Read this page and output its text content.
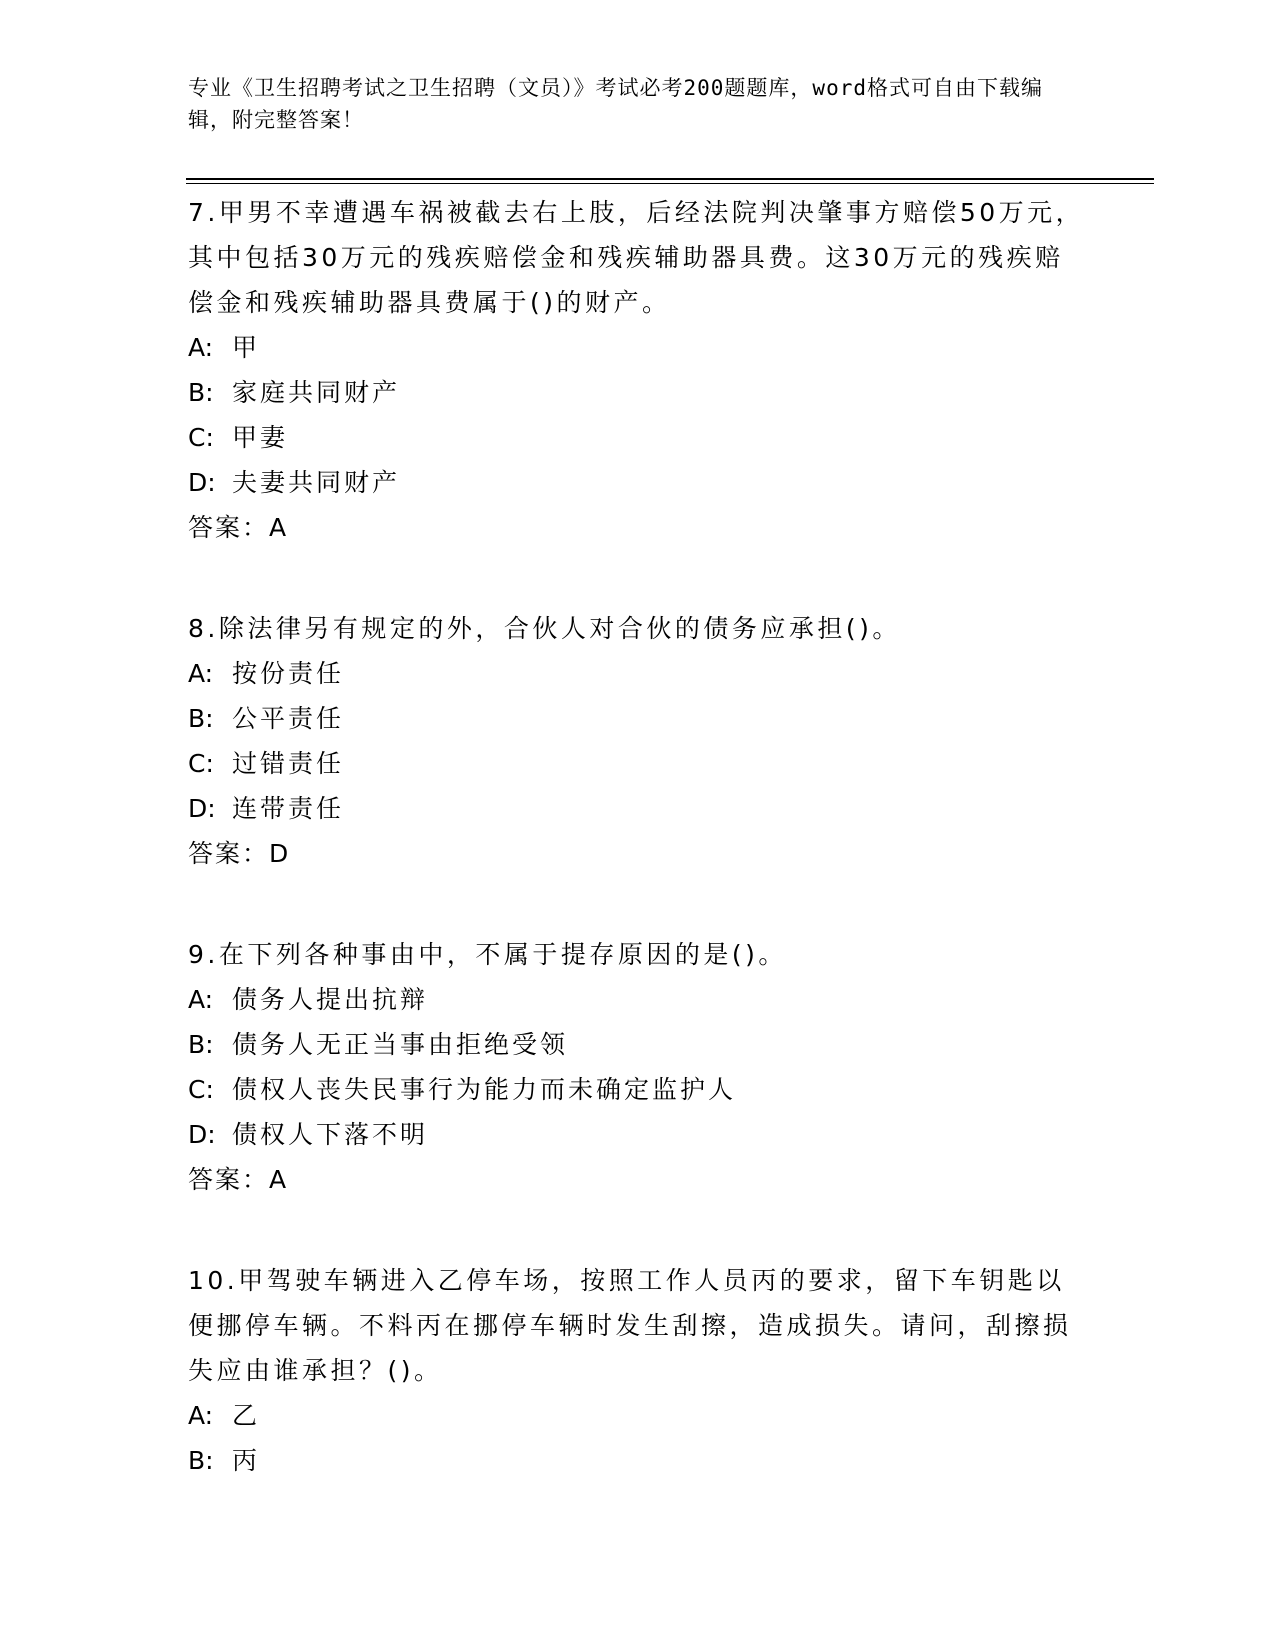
专业《卫生招聘考试之卫生招聘（文员）》考试必考200题题库，word格式可自由下载编辑，附完整答案！

7.甲男不幸遭遇车祸被截去右上肢，后经法院判决肇事方赔偿50万元，其中包括30万元的残疾赔偿金和残疾辅助器具费。这30万元的残疾赔偿金和残疾辅助器具费属于()的财产。

A: 甲
B: 家庭共同财产
C: 甲妻
D: 夫妻共同财产
答案：A

8.除法律另有规定的外，合伙人对合伙的债务应承担()。

A: 按份责任
B: 公平责任
C: 过错责任
D: 连带责任
答案：D

9.在下列各种事由中，不属于提存原因的是()。

A: 债务人提出抗辩
B: 债务人无正当事由拒绝受领
C: 债权人丧失民事行为能力而未确定监护人
D: 债权人下落不明
答案：A

10.甲驾驶车辆进入乙停车场，按照工作人员丙的要求，留下车钥匙以便挪停车辆。不料丙在挪停车辆时发生刮擦，造成损失。请问，刮擦损失应由谁承担？()。

A: 乙
B: 丙
